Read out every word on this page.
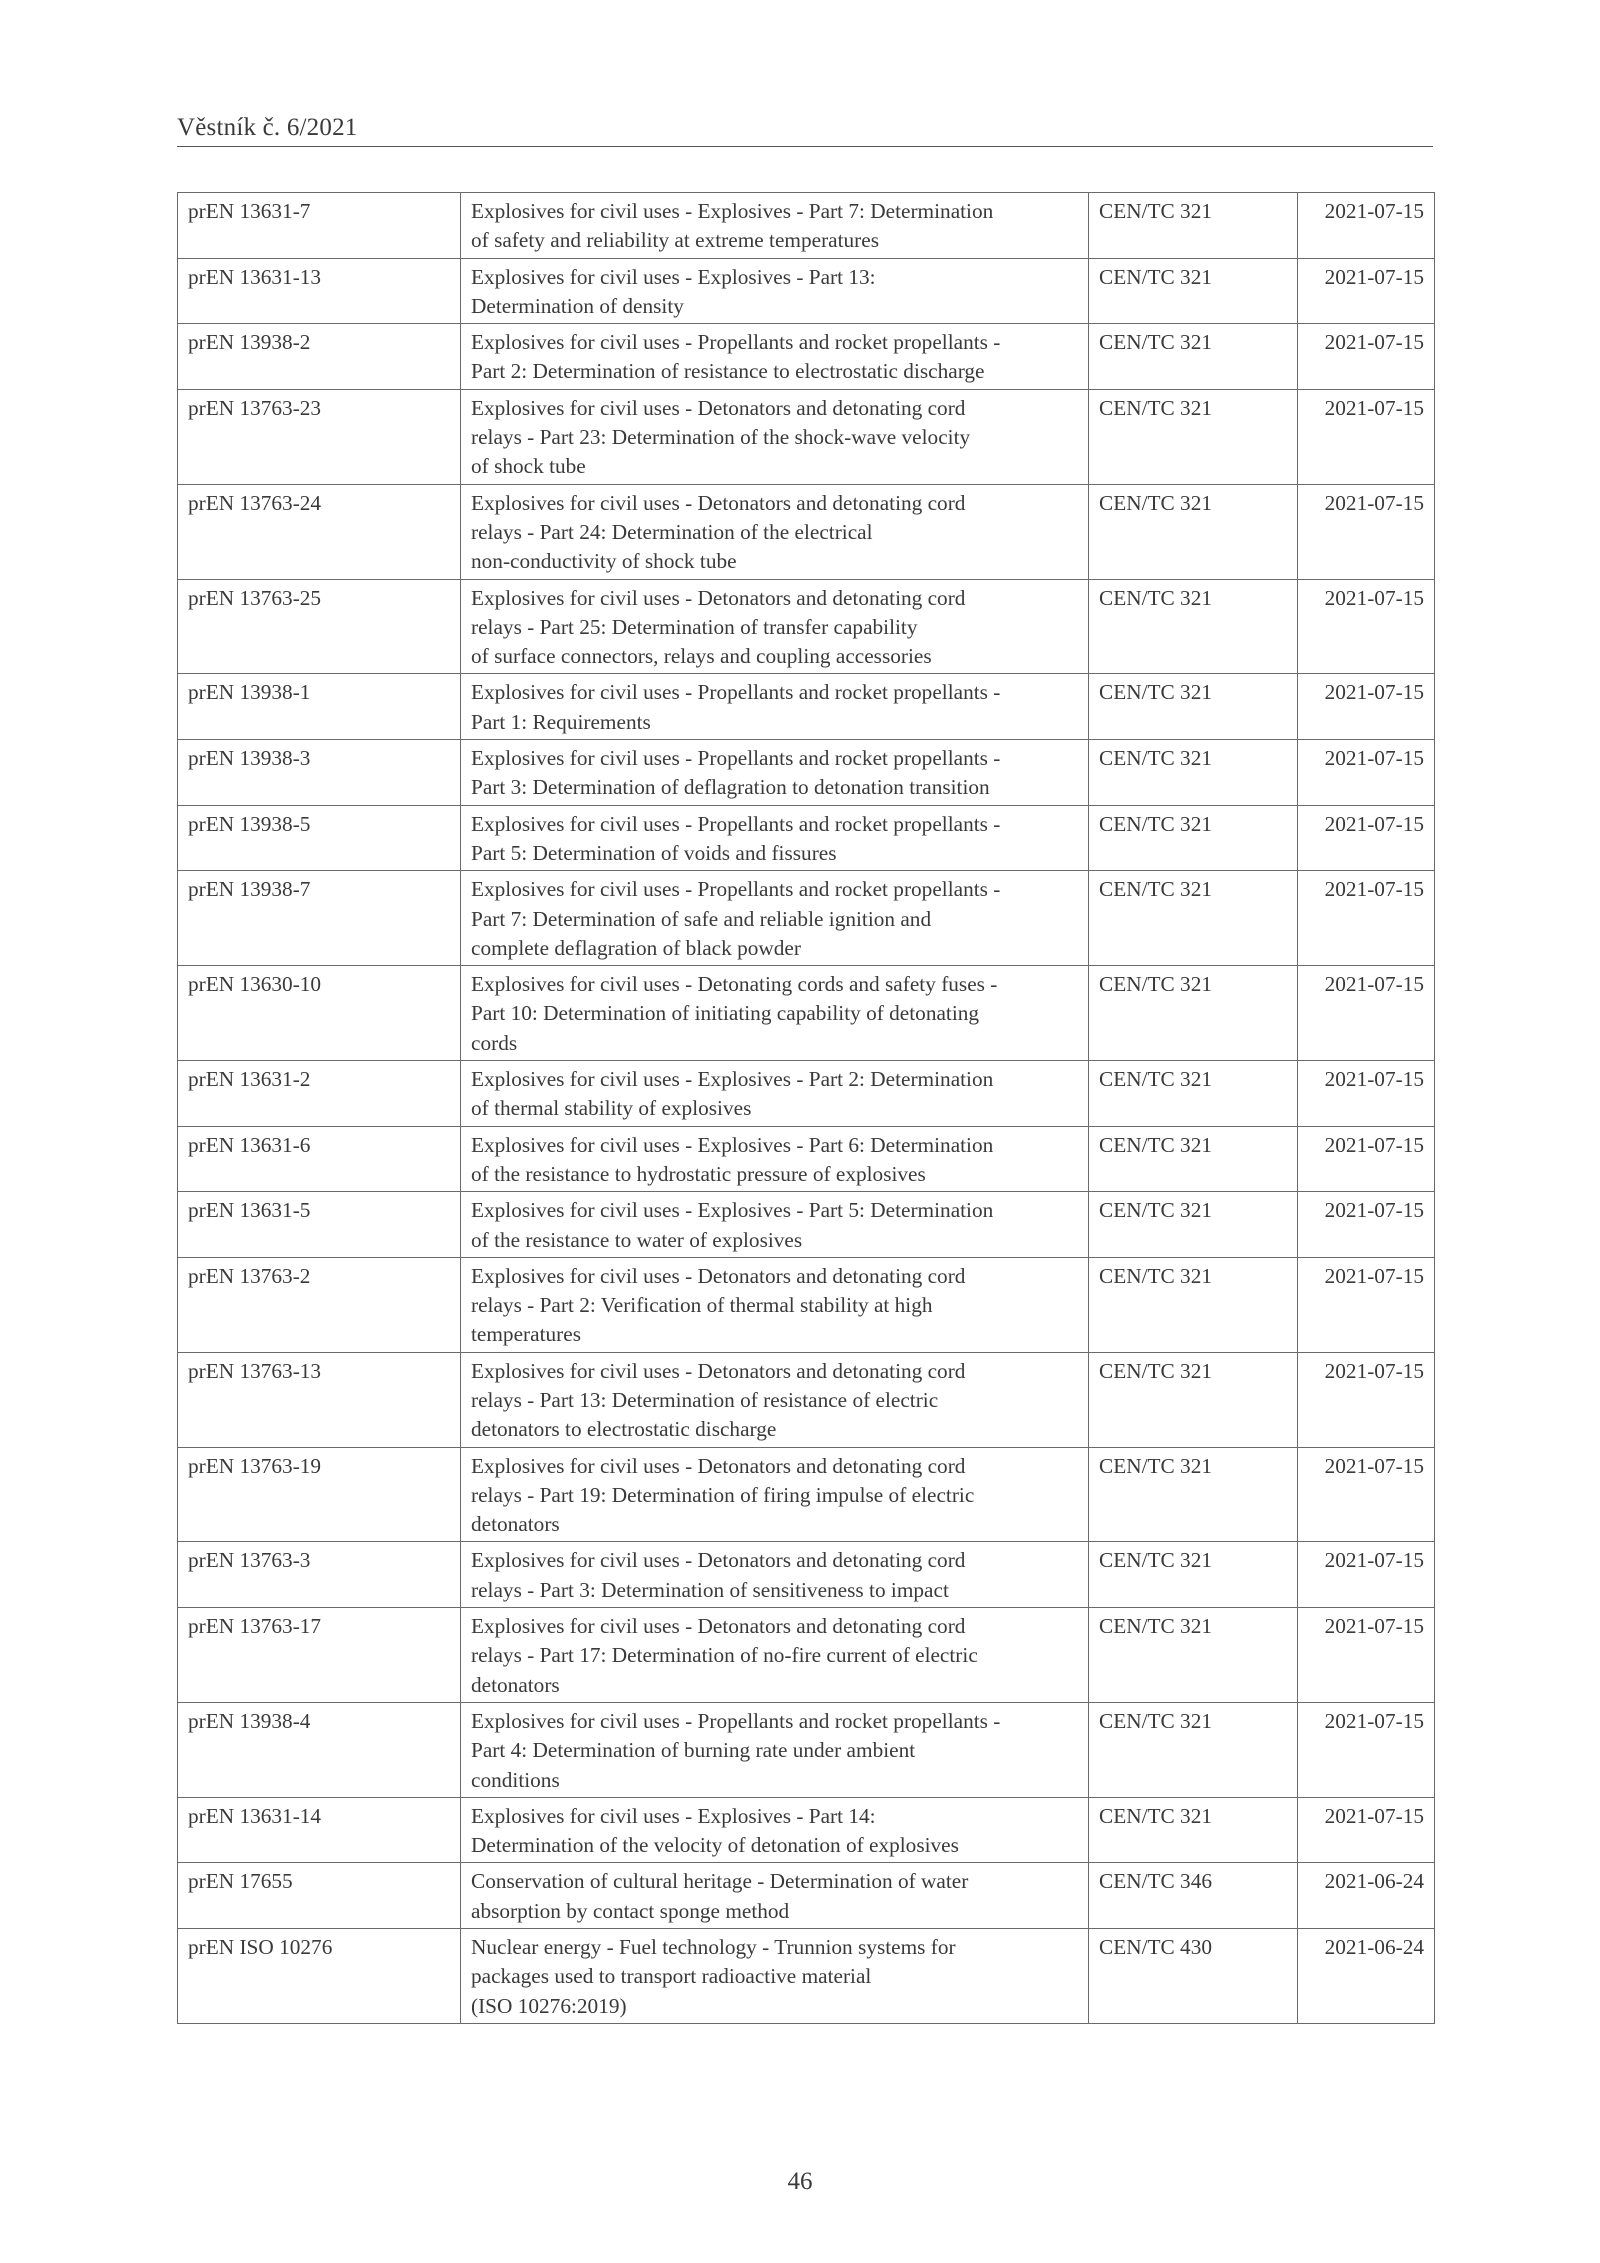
Věstník č. 6/2021
prEN 13631-7	Explosives for civil uses - Explosives - Part 7: Determination
of safety and reliability at extreme temperatures	CEN/TC 321	2021-07-15
prEN 13631-13	Explosives for civil uses - Explosives - Part 13:
Determination of density	CEN/TC 321	2021-07-15
prEN 13938-2	Explosives for civil uses - Propellants and rocket propellants -
Part 2: Determination of resistance to electrostatic discharge	CEN/TC 321	2021-07-15
prEN 13763-23	Explosives for civil uses - Detonators and detonating cord
relays - Part 23: Determination of the shock-wave velocity
of shock tube	CEN/TC 321	2021-07-15
prEN 13763-24	Explosives for civil uses - Detonators and detonating cord
relays - Part 24: Determination of the electrical
non-conductivity of shock tube	CEN/TC 321	2021-07-15
prEN 13763-25	Explosives for civil uses - Detonators and detonating cord
relays - Part 25: Determination of transfer capability
of surface connectors, relays and coupling accessories	CEN/TC 321	2021-07-15
prEN 13938-1	Explosives for civil uses - Propellants and rocket propellants -
Part 1: Requirements	CEN/TC 321	2021-07-15
prEN 13938-3	Explosives for civil uses - Propellants and rocket propellants -
Part 3: Determination of deflagration to detonation transition	CEN/TC 321	2021-07-15
prEN 13938-5	Explosives for civil uses - Propellants and rocket propellants -
Part 5: Determination of voids and fissures	CEN/TC 321	2021-07-15
prEN 13938-7	Explosives for civil uses - Propellants and rocket propellants -
Part 7: Determination of safe and reliable ignition and
complete deflagration of black powder	CEN/TC 321	2021-07-15
prEN 13630-10	Explosives for civil uses - Detonating cords and safety fuses -
Part 10: Determination of initiating capability of detonating
cords	CEN/TC 321	2021-07-15
prEN 13631-2	Explosives for civil uses - Explosives - Part 2: Determination
of thermal stability of explosives	CEN/TC 321	2021-07-15
prEN 13631-6	Explosives for civil uses - Explosives - Part 6: Determination
of the resistance to hydrostatic pressure of explosives	CEN/TC 321	2021-07-15
prEN 13631-5	Explosives for civil uses - Explosives - Part 5: Determination
of the resistance to water of explosives	CEN/TC 321	2021-07-15
prEN 13763-2	Explosives for civil uses - Detonators and detonating cord
relays - Part 2: Verification of thermal stability at high
temperatures	CEN/TC 321	2021-07-15
prEN 13763-13	Explosives for civil uses - Detonators and detonating cord
relays - Part 13: Determination of resistance of electric
detonators to electrostatic discharge	CEN/TC 321	2021-07-15
prEN 13763-19	Explosives for civil uses - Detonators and detonating cord
relays - Part 19: Determination of firing impulse of electric
detonators	CEN/TC 321	2021-07-15
prEN 13763-3	Explosives for civil uses - Detonators and detonating cord
relays - Part 3: Determination of sensitiveness to impact	CEN/TC 321	2021-07-15
prEN 13763-17	Explosives for civil uses - Detonators and detonating cord
relays - Part 17: Determination of no-fire current of electric
detonators	CEN/TC 321	2021-07-15
prEN 13938-4	Explosives for civil uses - Propellants and rocket propellants -
Part 4: Determination of burning rate under ambient
conditions	CEN/TC 321	2021-07-15
prEN 13631-14	Explosives for civil uses - Explosives - Part 14:
Determination of the velocity of detonation of explosives	CEN/TC 321	2021-07-15
prEN 17655	Conservation of cultural heritage - Determination of water
absorption by contact sponge method	CEN/TC 346	2021-06-24
prEN ISO 10276	Nuclear energy - Fuel technology - Trunnion systems for
packages used to transport radioactive material
(ISO 10276:2019)	CEN/TC 430	2021-06-24
46
